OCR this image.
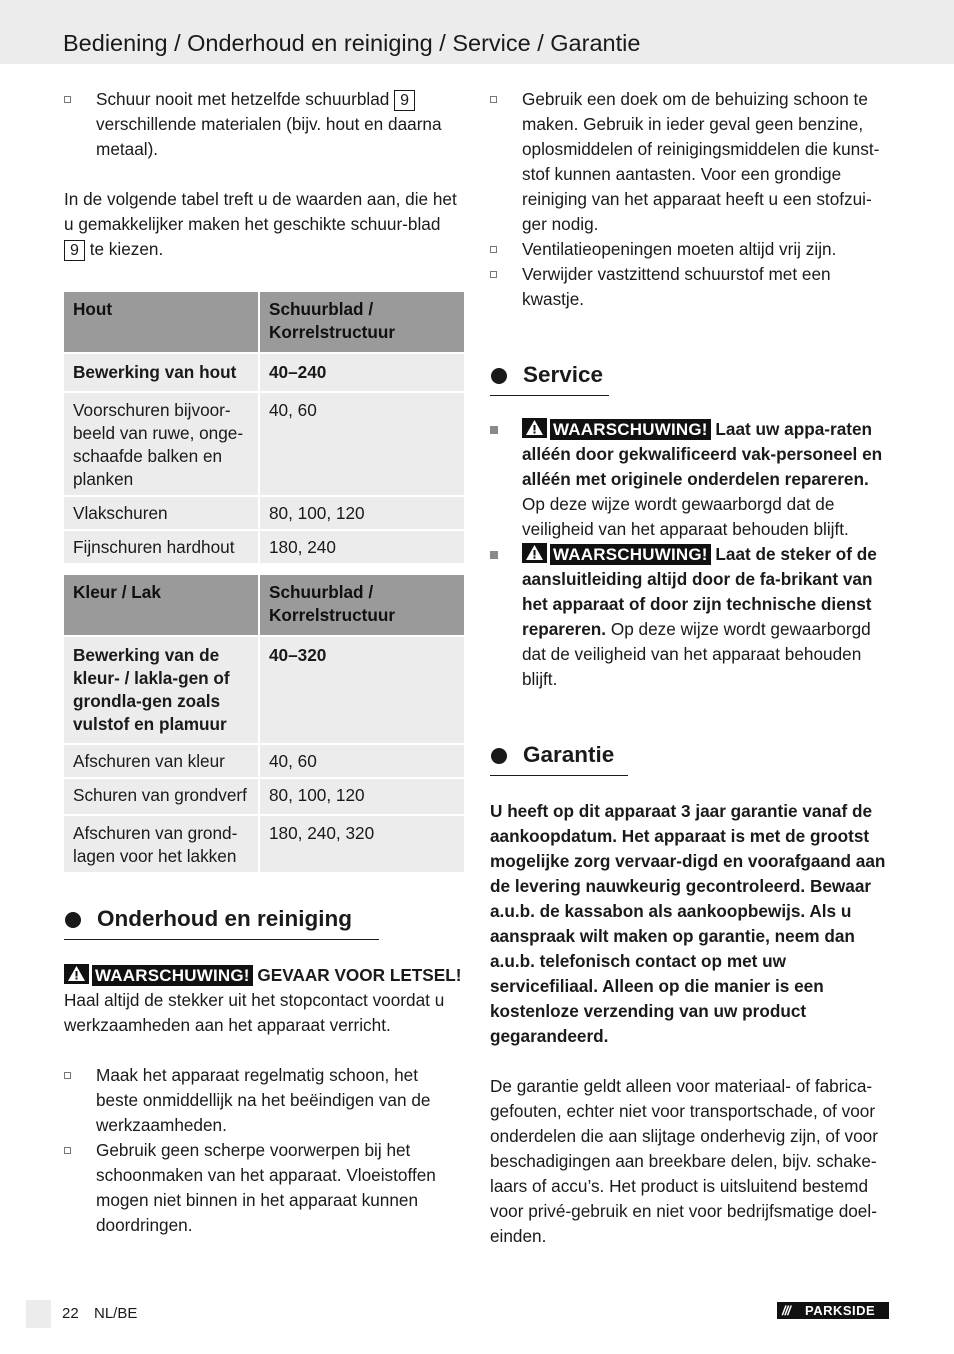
Bediening / Onderhoud en reiniging / Service / Garantie
Schuur nooit met hetzelfde schuurblad 9 verschillende materialen (bijv. hout en daarna metaal).

In de volgende tabel treft u de waarden aan, die het u gemakkelijker maken het geschikte schuur-blad 9 te kiezen.

Hout	Schuurblad / Korrelstructuur
Bewerking van hout	40–240
Voorschuren bijvoor-beeld van ruwe, onge-schaafde balken en planken	40, 60
Vlakschuren	80, 100, 120
Fijnschuren hardhout	180, 240
Kleur / Lak	Schuurblad / Korrelstructuur
Bewerking van de kleur- / lakla-gen of grondla-gen zoals vulstof en plamuur	40–320
Afschuren van kleur	40, 60
Schuren van grondverf	80, 100, 120
Afschuren van grond-lagen voor het lakken	180, 240, 320
Onderhoud en reiniging

WAARSCHUWING! GEVAAR VOOR LETSEL! Haal altijd de stekker uit het stopcontact voordat u werkzaamheden aan het apparaat verricht.

Maak het apparaat regelmatig schoon, het beste onmiddellijk na het beëindigen van de werkzaamheden.
Gebruik geen scherpe voorwerpen bij het schoonmaken van het apparaat. Vloeistoffen mogen niet binnen in het apparaat kunnen doordringen.
Gebruik een doek om de behuizing schoon te maken. Gebruik in ieder geval geen benzine, oplosmiddelen of reinigingsmiddelen die kunst-stof kunnen aantasten. Voor een grondige reiniging van het apparaat heeft u een stofzui-ger nodig.
Ventilatieopeningen moeten altijd vrij zijn.
Verwijder vastzittend schuurstof met een kwastje.
Service
WAARSCHUWING! Laat uw appa-raten alléén door gekwalificeerd vak-personeel en alléén met originele onderdelen repareren. Op deze wijze wordt gewaarborgd dat de veiligheid van het apparaat behouden blijft.
WAARSCHUWING! Laat de steker of de aansluitleiding altijd door de fa-brikant van het apparaat of door zijn technische dienst repareren. Op deze wijze wordt gewaarborgd dat de veiligheid van het apparaat behouden blijft.
Garantie

U heeft op dit apparaat 3 jaar garantie vanaf de aankoopdatum. Het apparaat is met de grootst mogelijke zorg vervaar-digd en voorafgaand aan de levering nauwkeurig gecontroleerd. Bewaar a.u.b. de kassabon als aankoopbewijs. Als u aanspraak wilt maken op garantie, neem dan a.u.b. telefonisch contact op met uw servicefiliaal. Alleen op die manier is een kostenloze verzending van uw product gegarandeerd.

De garantie geldt alleen voor materiaal- of fabrica-gefouten, echter niet voor transportschade, of voor onderdelen die aan slijtage onderhevig zijn, of voor beschadigingen aan breekbare delen, bijv. schake-laars of accu’s. Het product is uitsluitend bestemd voor privé-gebruik en niet voor bedrijfsmatige doel-einden.

22 NL/BE	/// PARKSIDE
